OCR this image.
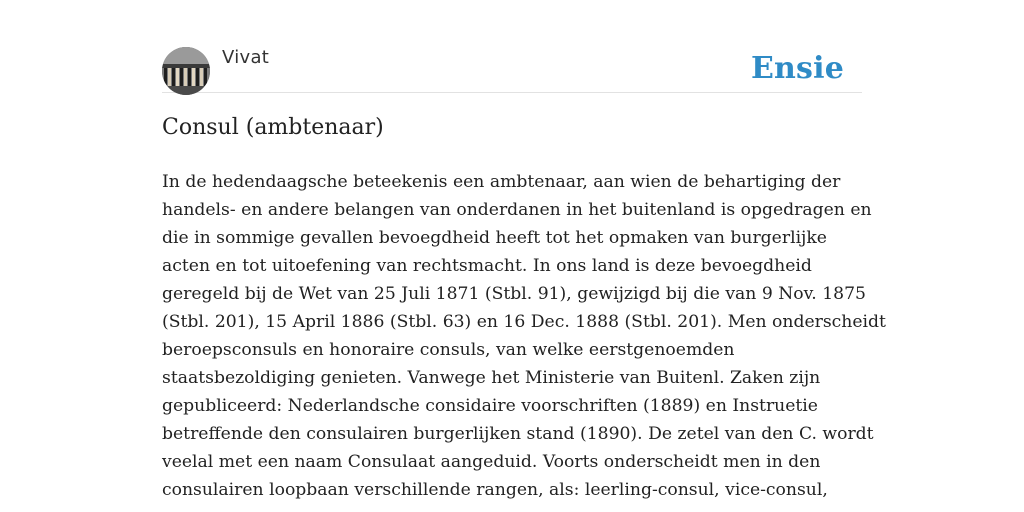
Vivat	Ensie
Consul (ambtenaar)

In de hedendaagsche beteekenis een ambtenaar, aan wien de behartiging der
handels- en andere belangen van onderdanen in het buitenland is opgedragen en
die in sommige gevallen bevoegdheid heeft tot het opmaken van burgerlijke
acten en tot uitoefening van rechtsmacht. In ons land is deze bevoegdheid
geregeld bij de Wet van 25 Juli 1871 (Stbl. 91), gewijzigd bij die van 9 Nov. 1875
(Stbl. 201), 15 April 1886 (Stbl. 63) en 16 Dec. 1888 (Stbl. 201). Men onderscheidt
beroepsconsuls en honoraire consuls, van welke eerstgenoemden
staatsbezoldiging genieten. Vanwege het Ministerie van Buitenl. Zaken zijn
gepubliceerd: Nederlandsche considaire voorschriften (1889) en Instruetie
betreffende den consulairen burgerlijken stand (1890). De zetel van den C. wordt
veelal met een naam Consulaat aangeduid. Voorts onderscheidt men in den
consulairen loopbaan verschillende rangen, als: leerling-consul, vice-consul,
